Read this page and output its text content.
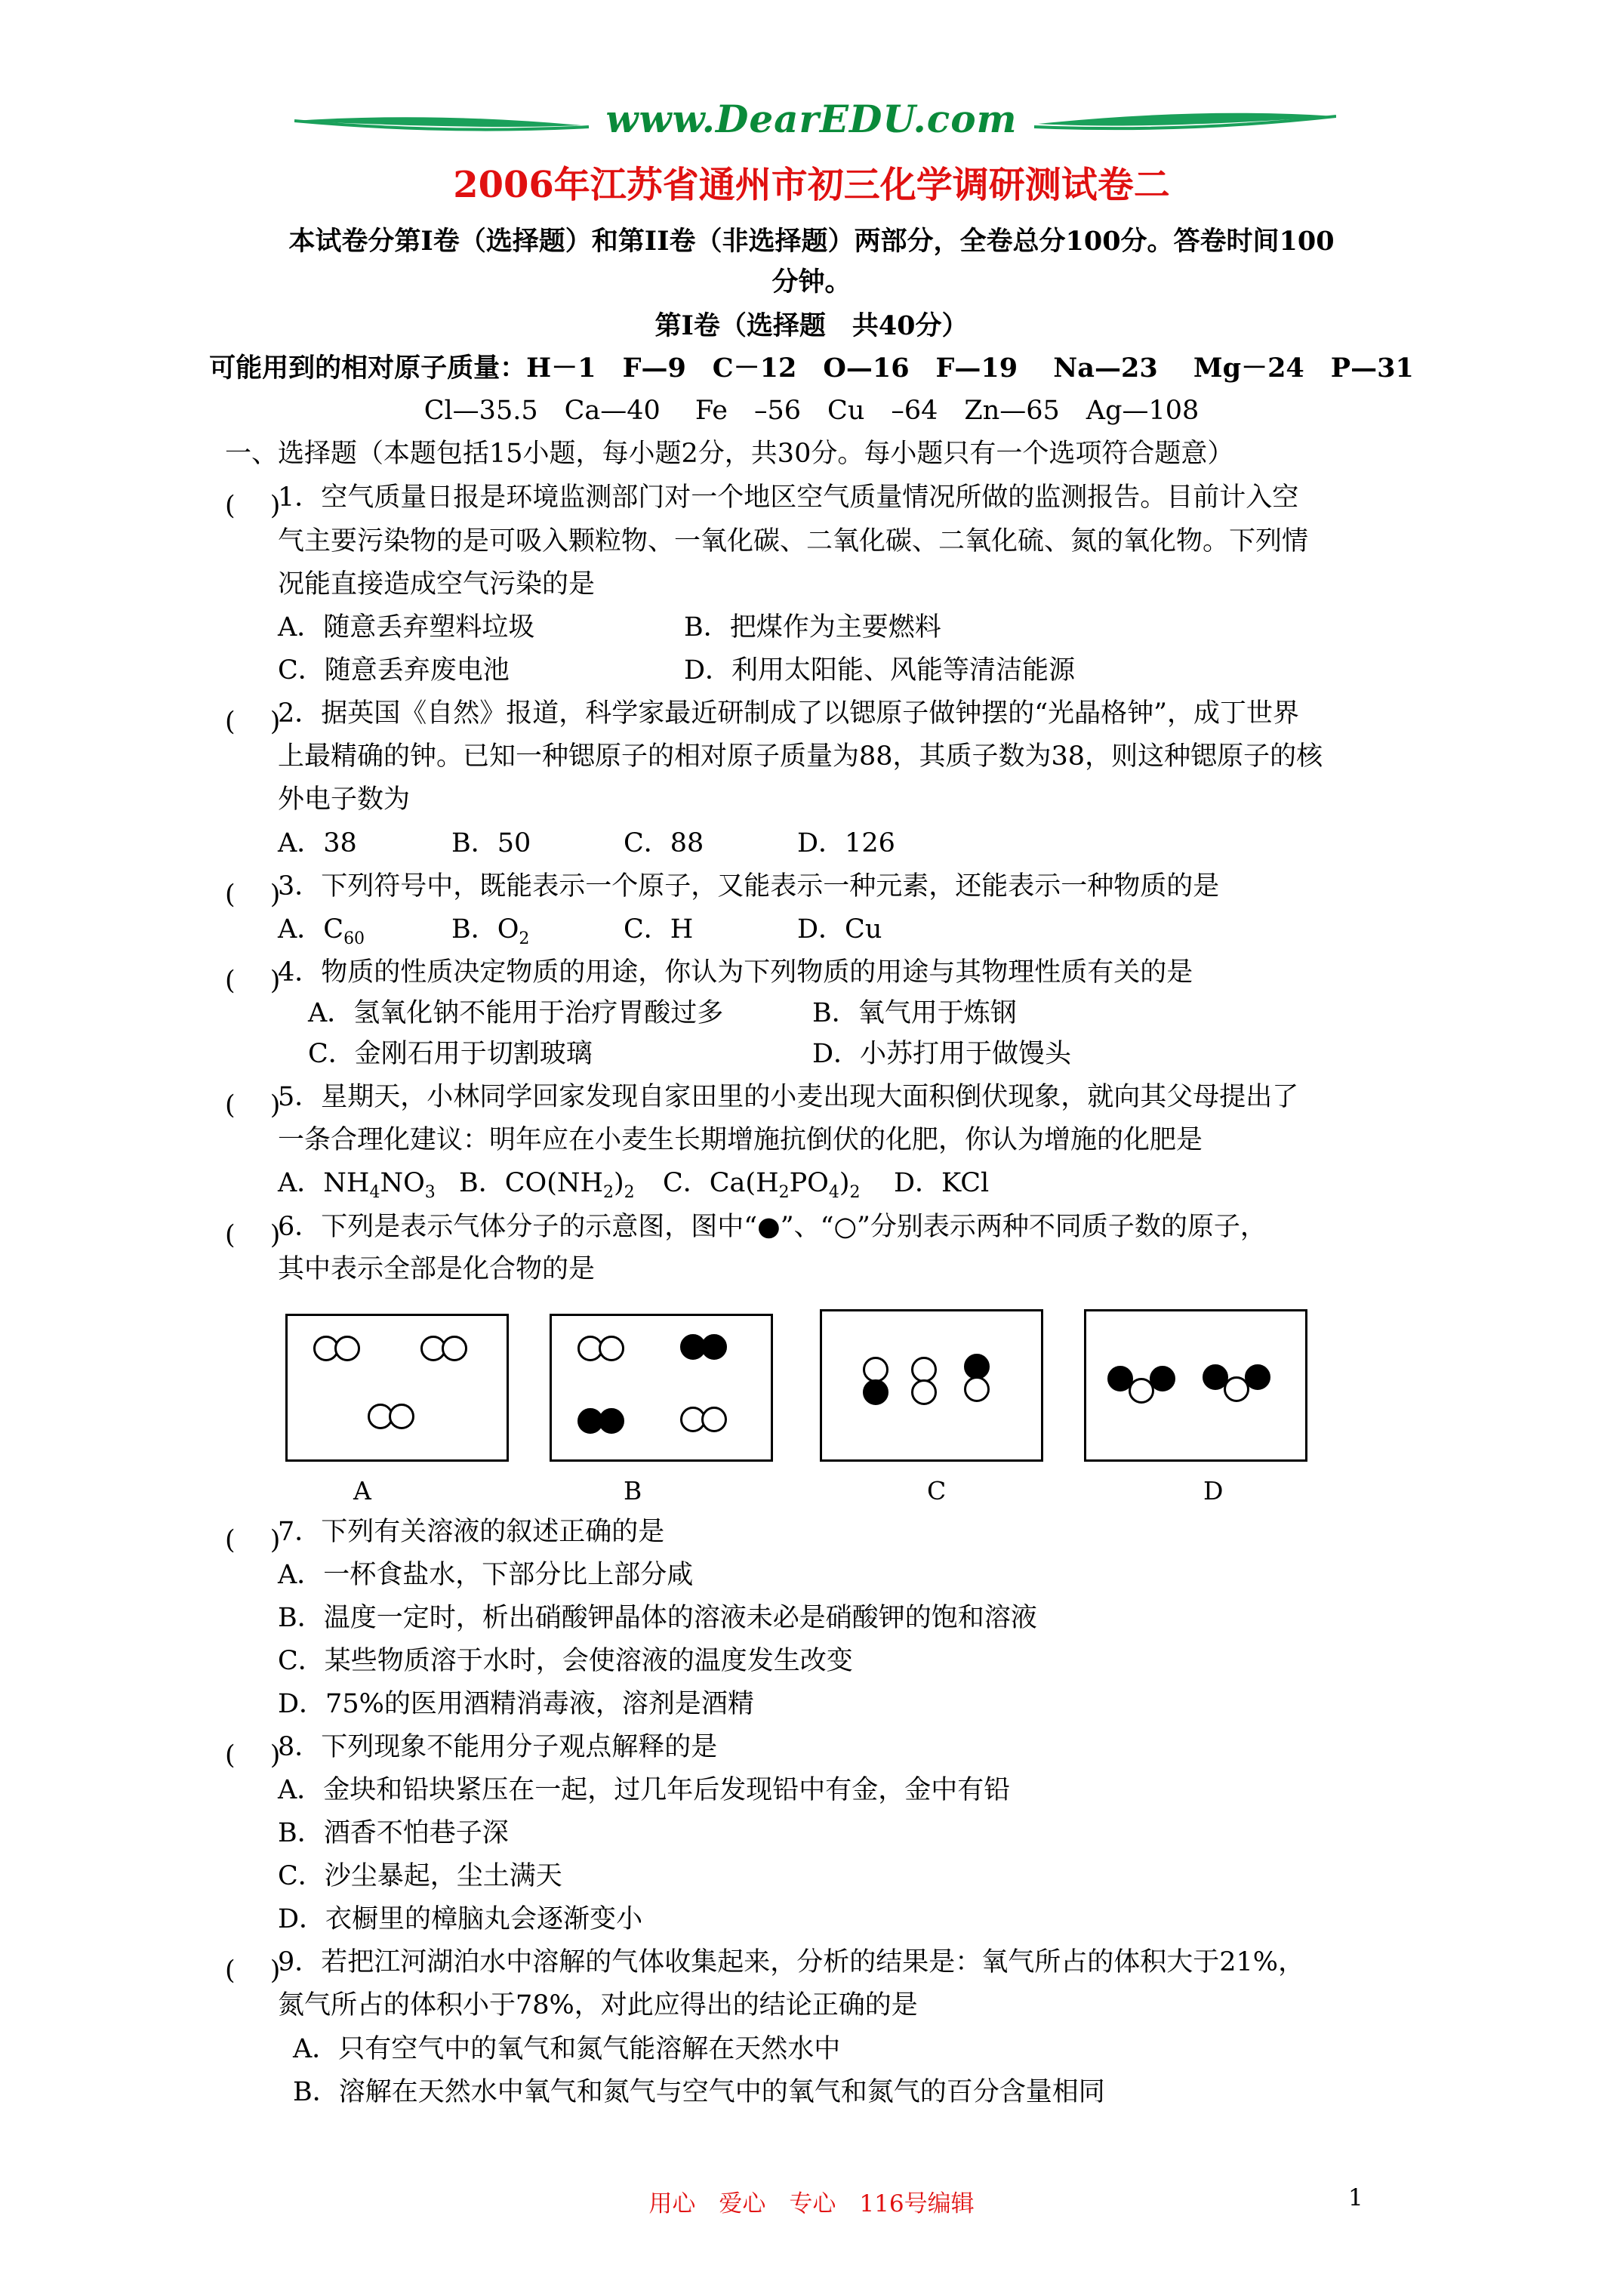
www.DearEDU.com
2006年江苏省通州市初三化学调研测试卷二
本试卷分第Ⅰ卷（选择题）和第II卷（非选择题）两部分，全卷总分100分。答卷时间100
分钟。
第Ⅰ卷（选择题　共40分）
可能用到的相对原子质量：H－1　F—9　C－12　O—16　F—19　 Na—23　 Mg－24　P—31
Cl—35.5　Ca—40　 Fe　–56　Cu　–64　Zn—65　Ag—108
一、选择题（本题包括15小题，每小题2分，共30分。每小题只有一个选项符合题意）
(　 )
1．空气质量日报是环境监测部门对一个地区空气质量情况所做的监测报告。目前计入空
气主要污染物的是可吸入颗粒物、一氧化碳、二氧化碳、二氧化硫、氮的氧化物。下列情
况能直接造成空气污染的是
A．随意丢弃塑料垃圾	B．把煤作为主要燃料
C．随意丢弃废电池	D．利用太阳能、风能等清洁能源
(　 )
2．据英国《自然》报道，科学家最近研制成了以锶原子做钟摆的“光晶格钟”，成丁世界
上最精确的钟。已知一种锶原子的相对原子质量为88，其质子数为38，则这种锶原子的核
外电子数为
A．38	B．50	C．88	D．126
(　 )
3．下列符号中，既能表示一个原子，又能表示一种元素，还能表示一种物质的是
A．$C_{60}$	B．$O_2$	C．H	D．Cu
(　 )
4．物质的性质决定物质的用途，你认为下列物质的用途与其物理性质有关的是
A．氢氧化钠不能用于治疗胃酸过多	B．氧气用于炼钢
C．金刚石用于切割玻璃	D．小苏打用于做馒头
(　 )
5．星期天，小林同学回家发现自家田里的小麦出现大面积倒伏现象，就向其父母提出了
一条合理化建议：明年应在小麦生长期增施抗倒伏的化肥，你认为增施的化肥是
A．$NH_4NO_3$ B．$CO(NH_2)_2$ C．$Ca(H_2PO_4)_2$ D．KCl
(　 )
6．下列是表示气体分子的示意图，图中“●”、“○”分别表示两种不同质子数的原子，
其中表示全部是化合物的是
A	B	C	D
(　 )
7．下列有关溶液的叙述正确的是
A．一杯食盐水，下部分比上部分咸
B．温度一定时，析出硝酸钾晶体的溶液未必是硝酸钾的饱和溶液
C．某些物质溶于水时，会使溶液的温度发生改变
D．75%的医用酒精消毒液，溶剂是酒精
(　 )
8．下列现象不能用分子观点解释的是
A．金块和铅块紧压在一起，过几年后发现铅中有金，金中有铅
B．酒香不怕巷子深
C．沙尘暴起，尘土满天
D．衣橱里的樟脑丸会逐渐变小
(　 )
9．若把江河湖泊水中溶解的气体收集起来，分析的结果是：氧气所占的体积大于21%，
氮气所占的体积小于78%，对此应得出的结论正确的是
A．只有空气中的氧气和氮气能溶解在天然水中
B．溶解在天然水中氧气和氮气与空气中的氧气和氮气的百分含量相同
用心　爱心　专心　116号编辑	1
